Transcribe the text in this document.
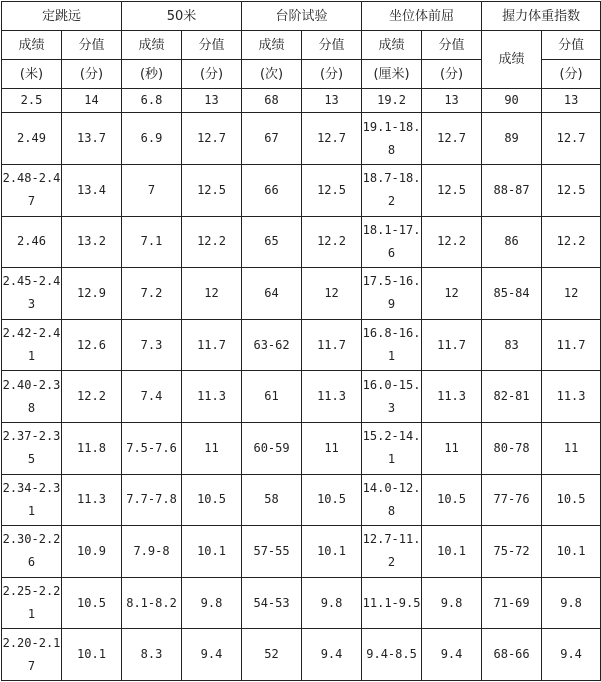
定跳远		50米		台阶试验		坐位体前屈		握力体重指数	
成绩	分值	成绩	分值	成绩	分值	成绩	分值	成绩	分值
(米)	(分)	(秒)	(分)	(次)	(分)	(厘米)	(分)		(分)
2.5	14	6.8	13	68	13	19.2	13	90	13
2.49	13.7	6.9	12.7	67	12.7	19.1-18.8	12.7	89	12.7
2.48-2.47	13.4	7	12.5	66	12.5	18.7-18.2	12.5	88-87	12.5
2.46	13.2	7.1	12.2	65	12.2	18.1-17.6	12.2	86	12.2
2.45-2.43	12.9	7.2	12	64	12	17.5-16.9	12	85-84	12
2.42-2.41	12.6	7.3	11.7	63-62	11.7	16.8-16.1	11.7	83	11.7
2.40-2.38	12.2	7.4	11.3	61	11.3	16.0-15.3	11.3	82-81	11.3
2.37-2.35	11.8	7.5-7.6	11	60-59	11	15.2-14.1	11	80-78	11
2.34-2.31	11.3	7.7-7.8	10.5	58	10.5	14.0-12.8	10.5	77-76	10.5
2.30-2.26	10.9	7.9-8	10.1	57-55	10.1	12.7-11.2	10.1	75-72	10.1
2.25-2.21	10.5	8.1-8.2	9.8	54-53	9.8	11.1-9.5	9.8	71-69	9.8
2.20-2.17	10.1	8.3	9.4	52	9.4	9.4-8.5	9.4	68-66	9.4
